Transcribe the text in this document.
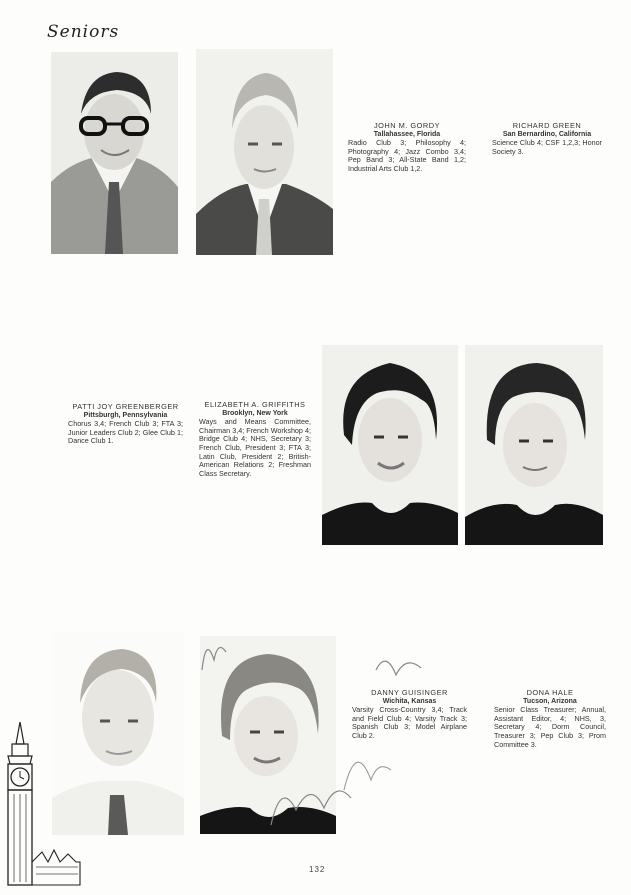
Seniors
JOHN M. GORDY
Tallahassee, Florida
Radio Club 3; Philosophy 4; Photography 4; Jazz Combo 3,4; Pep Band 3; All-State Band 1,2; Industrial Arts Club 1,2.
RICHARD GREEN
San Bernardino, California
Science Club 4; CSF 1,2,3; Honor Society 3.
PATTI JOY GREENBERGER
Pittsburgh, Pennsylvania
Chorus 3,4; French Club 3; FTA 3; Junior Leaders Club 2; Glee Club 1; Dance Club 1.
ELIZABETH A. GRIFFITHS
Brooklyn, New York
Ways and Means Committee, Chairman 3,4; French Workshop 4; Bridge Club 4; NHS, Secretary 3; French Club, President 3; FTA 3; Latin Club, President 2; British-American Relations 2; Freshman Class Secretary.
DANNY GUISINGER
Wichita, Kansas
Varsity Cross-Country 3,4; Track and Field Club 4; Varsity Track 3; Spanish Club 3; Model Airplane Club 2.
DONA HALE
Tucson, Arizona
Senior Class Treasurer; Annual, Assistant Editor, 4; NHS, 3, Secretary 4; Dorm Council, Treasurer 3; Pep Club 3; Prom Committee 3.
132
